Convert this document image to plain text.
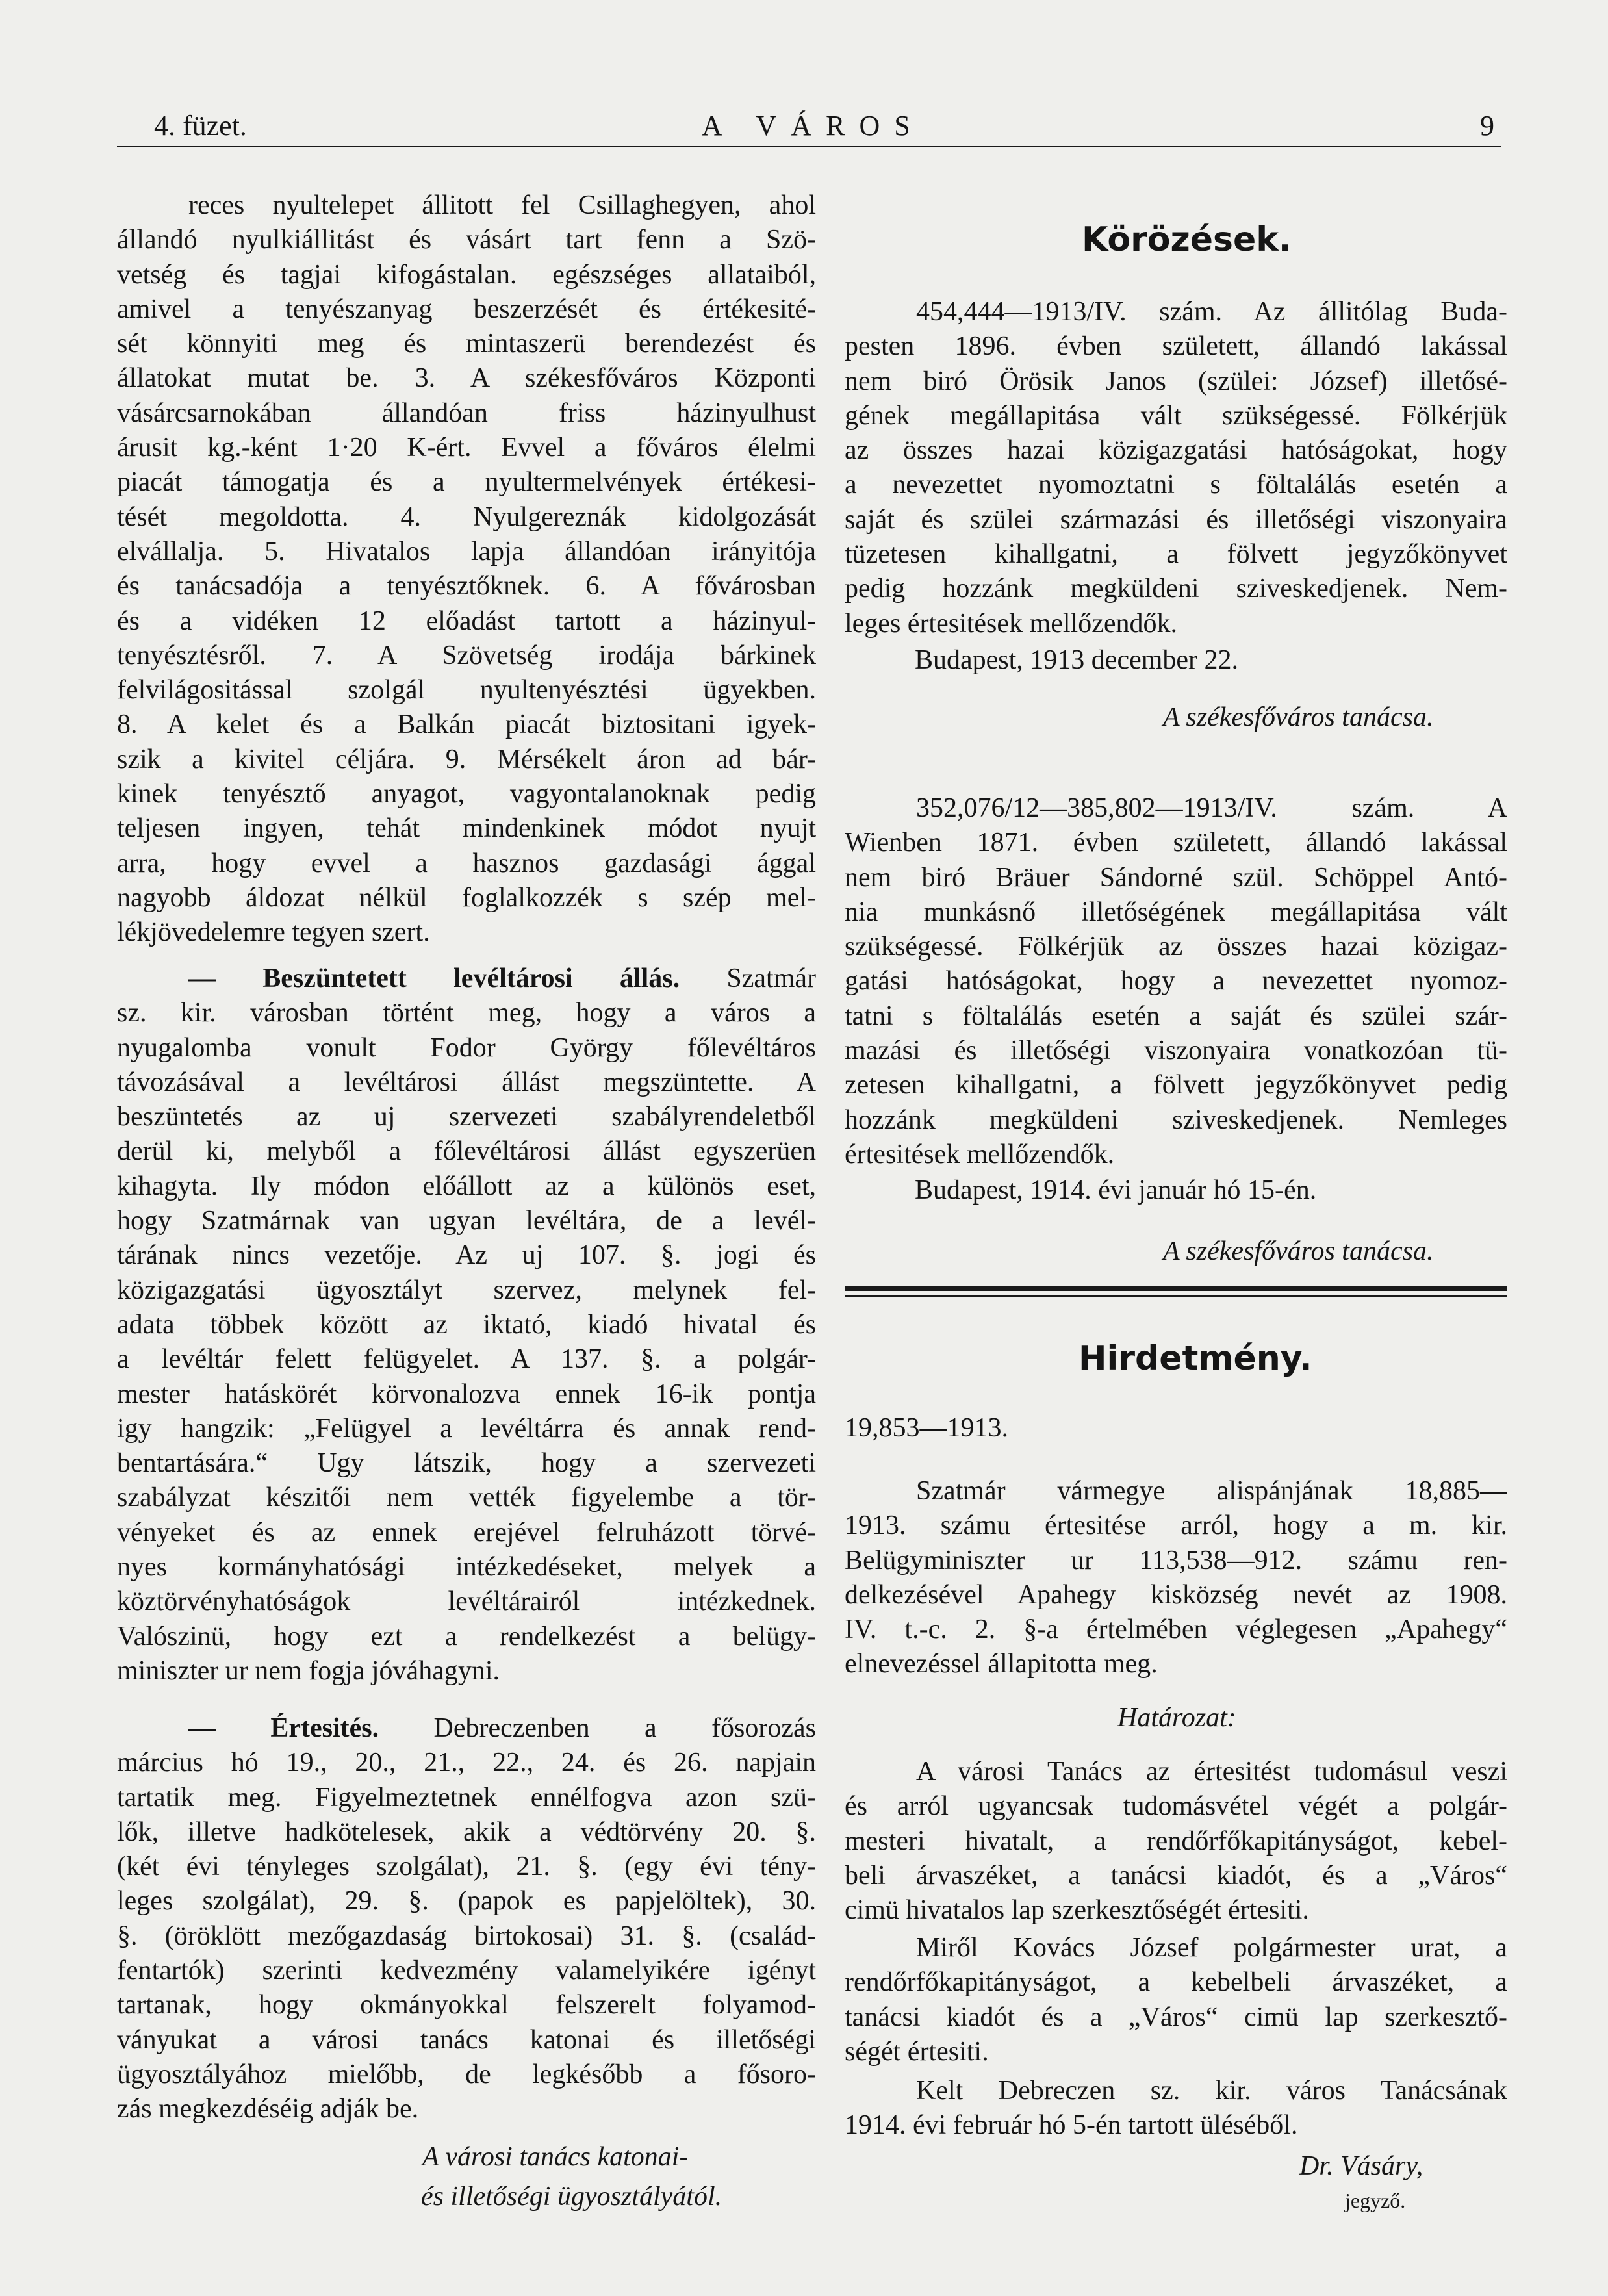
4. füzet.	A VÁROS	9
reces nyultelepet állitott fel Csillaghegyen, ahol
állandó nyulkiállitást és vásárt tart fenn a Szö-
vetség és tagjai kifogástalan. egészséges allataiból,
amivel a tenyészanyag beszerzését és értékesité-
sét könnyiti meg és mintaszerü berendezést és
állatokat mutat be. 3. A székesfőváros Központi
vásárcsarnokában állandóan friss házinyulhust
árusit kg.-ként 1·20 K-ért. Evvel a főváros élelmi
piacát támogatja és a nyultermelvények értékesi-
tését megoldotta. 4. Nyulgereznák kidolgozását
elvállalja. 5. Hivatalos lapja állandóan irányitója
és tanácsadója a tenyésztőknek. 6. A fővárosban
és a vidéken 12 előadást tartott a házinyul-
tenyésztésről. 7. A Szövetség irodája bárkinek
felvilágositással szolgál nyultenyésztési ügyekben.
8. A kelet és a Balkán piacát biztositani igyek-
szik a kivitel céljára. 9. Mérsékelt áron ad bár-
kinek tenyésztő anyagot, vagyontalanoknak pedig
teljesen ingyen, tehát mindenkinek módot nyujt
arra, hogy evvel a hasznos gazdasági ággal
nagyobb áldozat nélkül foglalkozzék s szép mel-
lékjövedelemre tegyen szert.
— Beszüntetett levéltárosi állás. Szatmár
sz. kir. városban történt meg, hogy a város a
nyugalomba vonult Fodor György főlevéltáros
távozásával a levéltárosi állást megszüntette. A
beszüntetés az uj szervezeti szabályrendeletből
derül ki, melyből a főlevéltárosi állást egyszerüen
kihagyta. Ily módon előállott az a különös eset,
hogy Szatmárnak van ugyan levéltára, de a levél-
tárának nincs vezetője. Az uj 107. §. jogi és
közigazgatási ügyosztályt szervez, melynek fel-
adata többek között az iktató, kiadó hivatal és
a levéltár felett felügyelet. A 137. §. a polgár-
mester hatáskörét körvonalozva ennek 16-ik pontja
igy hangzik: „Felügyel a levéltárra és annak rend-
bentartására.“ Ugy látszik, hogy a szervezeti
szabályzat készitői nem vették figyelembe a tör-
vényeket és az ennek erejével felruházott törvé-
nyes kormányhatósági intézkedéseket, melyek a
köztörvényhatóságok levéltárairól intézkednek.
Valószinü, hogy ezt a rendelkezést a belügy-
miniszter ur nem fogja jóváhagyni.
— Értesités. Debreczenben a fősorozás
március hó 19., 20., 21., 22., 24. és 26. napjain
tartatik meg. Figyelmeztetnek ennélfogva azon szü-
lők, illetve hadkötelesek, akik a védtörvény 20. §.
(két évi tényleges szolgálat), 21. §. (egy évi tény-
leges szolgálat), 29. §. (papok es papjelöltek), 30.
§. (öröklött mezőgazdaság birtokosai) 31. §. (család-
fentartók) szerinti kedvezmény valamelyikére igényt
tartanak, hogy okmányokkal felszerelt folyamod-
ványukat a városi tanács katonai és illetőségi
ügyosztályához mielőbb, de legkésőbb a fősoro-
zás megkezdéséig adják be.
A városi tanács katonai-
és illetőségi ügyosztályától.
Körözések.
454,444—1913/IV. szám. Az állitólag Buda-
pesten 1896. évben született, állandó lakással
nem biró Örösik Janos (szülei: József) illetősé-
gének megállapitása vált szükségessé. Fölkérjük
az összes hazai közigazgatási hatóságokat, hogy
a nevezettet nyomoztatni s föltalálás esetén a
saját és szülei származási és illetőségi viszonyaira
tüzetesen kihallgatni, a fölvett jegyzőkönyvet
pedig hozzánk megküldeni sziveskedjenek. Nem-
leges értesitések mellőzendők.
Budapest, 1913 december 22.
A székesfőváros tanácsa.
352,076/12—385,802—1913/IV. szám. A
Wienben 1871. évben született, állandó lakással
nem biró Bräuer Sándorné szül. Schöppel Antó-
nia munkásnő illetőségének megállapitása vált
szükségessé. Fölkérjük az összes hazai közigaz-
gatási hatóságokat, hogy a nevezettet nyomoz-
tatni s föltalálás esetén a saját és szülei szár-
mazási és illetőségi viszonyaira vonatkozóan tü-
zetesen kihallgatni, a fölvett jegyzőkönyvet pedig
hozzánk megküldeni sziveskedjenek. Nemleges
értesitések mellőzendők.
Budapest, 1914. évi január hó 15-én.
A székesfőváros tanácsa.
Hirdetmény.
19,853—1913.
Szatmár vármegye alispánjának 18,885—
1913. számu értesitése arról, hogy a m. kir.
Belügyminiszter ur 113,538—912. számu ren-
delkezésével Apahegy kisközség nevét az 1908.
IV. t.-c. 2. §-a értelmében véglegesen „Apahegy“
elnevezéssel állapitotta meg.
Határozat:
A városi Tanács az értesitést tudomásul veszi
és arról ugyancsak tudomásvétel végét a polgár-
mesteri hivatalt, a rendőrfőkapitányságot, kebel-
beli árvaszéket, a tanácsi kiadót, és a „Város“
cimü hivatalos lap szerkesztőségét értesiti.
Miről Kovács József polgármester urat, a
rendőrfőkapitányságot, a kebelbeli árvaszéket, a
tanácsi kiadót és a „Város“ cimü lap szerkesztő-
ségét értesiti.
Kelt Debreczen sz. kir. város Tanácsának
1914. évi február hó 5-én tartott üléséből.
Dr. Vásáry,
jegyző.
